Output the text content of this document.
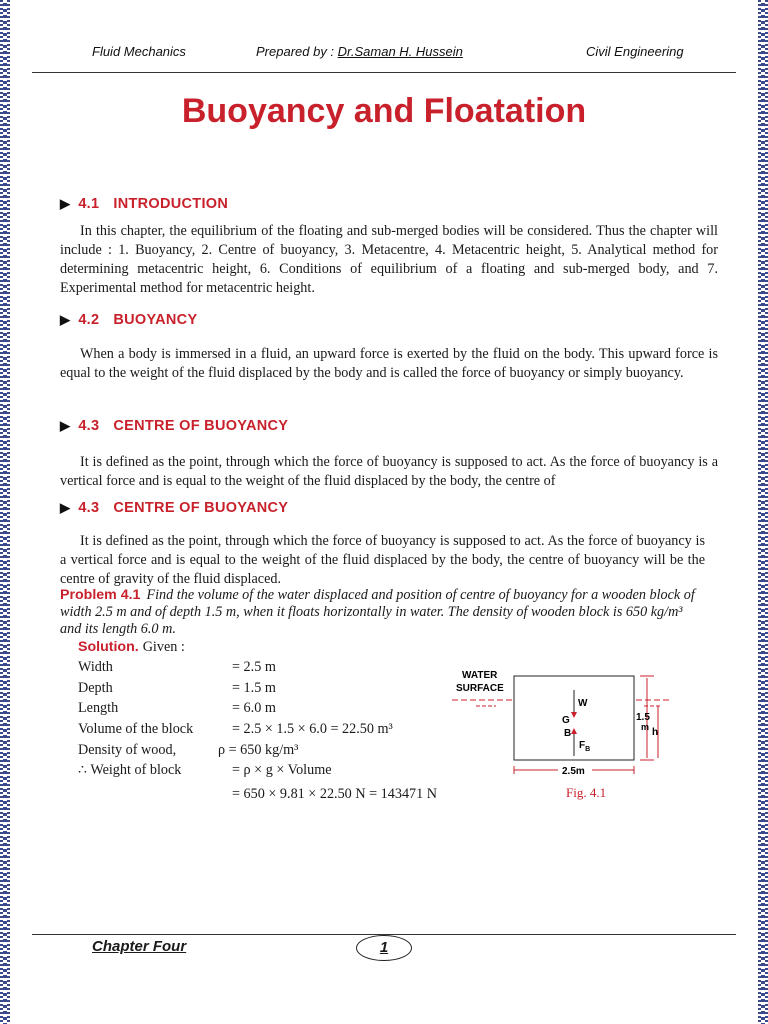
Fluid Mechanics	Prepared by : Dr.Saman H. Hussein	Civil Engineering
Buoyancy and Floatation
▶ 4.1 INTRODUCTION
In this chapter, the equilibrium of the floating and sub-merged bodies will be considered. Thus the chapter will include : 1. Buoyancy, 2. Centre of buoyancy, 3. Metacentre, 4. Metacentric height, 5. Analytical method for determining metacentric height, 6. Conditions of equilibrium of a floating and sub-merged body, and 7. Experimental method for metacentric height.
▶ 4.2 BUOYANCY
When a body is immersed in a fluid, an upward force is exerted by the fluid on the body. This upward force is equal to the weight of the fluid displaced by the body and is called the force of buoyancy or simply buoyancy.
▶ 4.3 CENTRE OF BUOYANCY
It is defined as the point, through which the force of buoyancy is supposed to act. As the force of buoyancy is a vertical force and is equal to the weight of the fluid displaced by the body, the centre of
▶ 4.3 CENTRE OF BUOYANCY
It is defined as the point, through which the force of buoyancy is supposed to act. As the force of buoyancy is a vertical force and is equal to the weight of the fluid displaced by the body, the centre of buoyancy will be the centre of gravity of the fluid displaced.
Problem 4.1 Find the volume of the water displaced and position of centre of buoyancy for a wooden block of width 2.5 m and of depth 1.5 m, when it floats horizontally in water. The density of wooden block is 650 kg/m³ and its length 6.0 m.
Solution. Given :
Width	= 2.5 m
Depth	= 1.5 m
Length	= 6.0 m
Volume of the block	= 2.5 × 1.5 × 6.0 = 22.50 m³
Density of wood,	ρ = 650 kg/m³
∴ Weight of block	= ρ × g × Volume
= 650 × 9.81 × 22.50 N = 143471 N
WATER
SURFACE
W
G
B
$F_B$
1.5
m h
2.5m
Fig. 4.1
Chapter Four	1
